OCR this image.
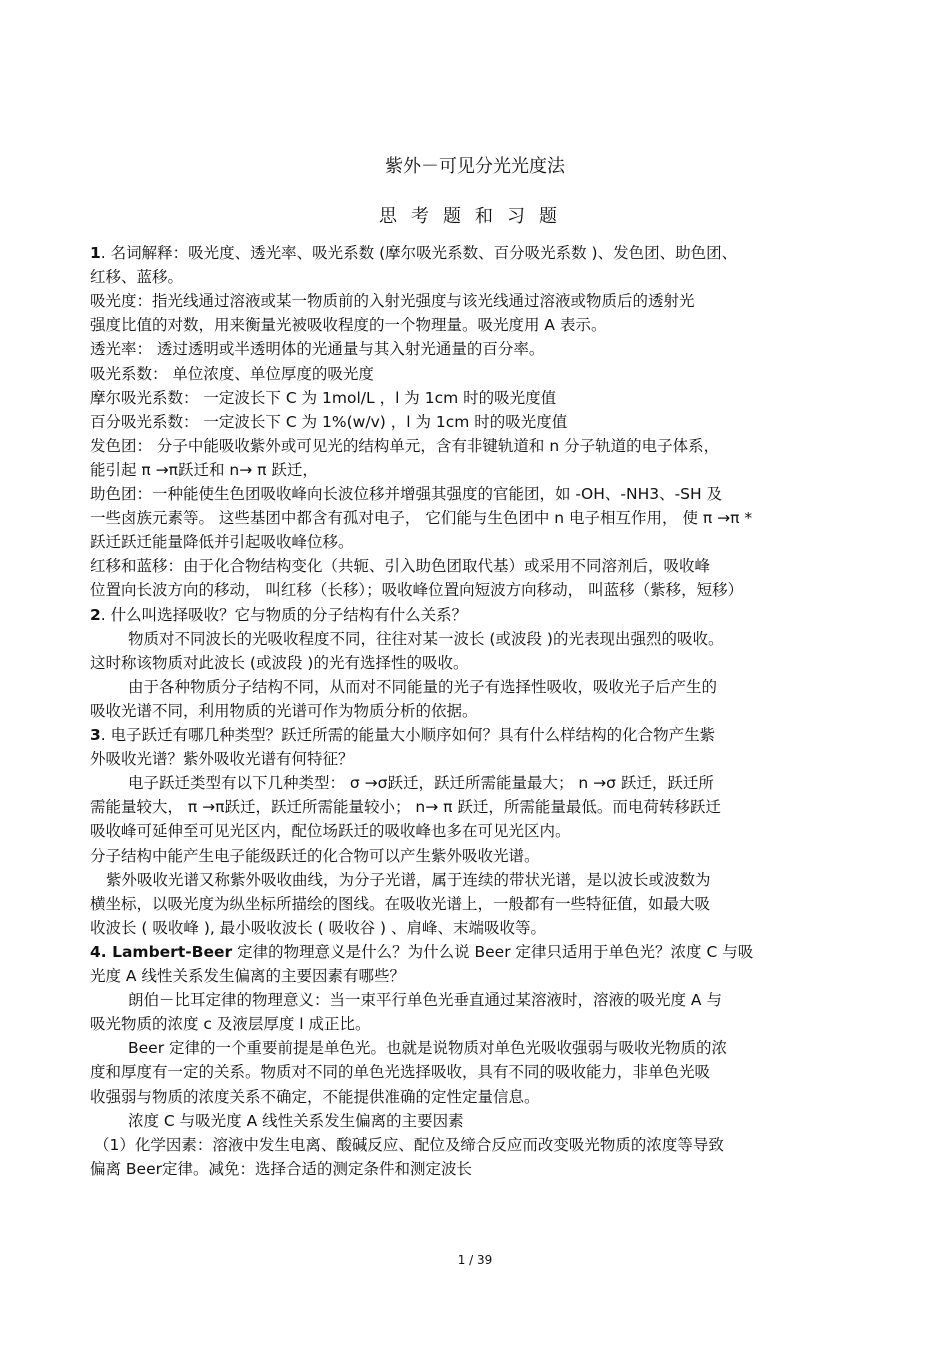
紫外－可见分光光度法
思考题和习题
1. 名词解释：吸光度、透光率、吸光系数 (摩尔吸光系数、百分吸光系数 )、发色团、助色团、
红移、蓝移。
吸光度：指光线通过溶液或某一物质前的入射光强度与该光线通过溶液或物质后的透射光
强度比值的对数，用来衡量光被吸收程度的一个物理量。吸光度用 A 表示。
透光率： 透过透明或半透明体的光通量与其入射光通量的百分率。
吸光系数： 单位浓度、单位厚度的吸光度
摩尔吸光系数： 一定波长下 C 为 1mol/L ，l 为 1cm 时的吸光度值
百分吸光系数： 一定波长下 C 为 1%(w/v) ，l 为 1cm 时的吸光度值
发色团： 分子中能吸收紫外或可见光的结构单元，含有非键轨道和 n 分子轨道的电子体系，
能引起 π →π跃迁和 n→ π 跃迁，
助色团：一种能使生色团吸收峰向长波位移并增强其强度的官能团，如 -OH、-NH3、-SH 及
一些卤族元素等。 这些基团中都含有孤对电子， 它们能与生色团中 n 电子相互作用， 使 π →π *
跃迁跃迁能量降低并引起吸收峰位移。
红移和蓝移：由于化合物结构变化（共轭、引入助色团取代基）或采用不同溶剂后，吸收峰
位置向长波方向的移动， 叫红移（长移）；吸收峰位置向短波方向移动， 叫蓝移（紫移，短移）
2. 什么叫选择吸收？它与物质的分子结构有什么关系？
物质对不同波长的光吸收程度不同，往往对某一波长 (或波段 )的光表现出强烈的吸收。
这时称该物质对此波长 (或波段 )的光有选择性的吸收。
由于各种物质分子结构不同，从而对不同能量的光子有选择性吸收，吸收光子后产生的
吸收光谱不同，利用物质的光谱可作为物质分析的依据。
3. 电子跃迁有哪几种类型？跃迁所需的能量大小顺序如何？具有什么样结构的化合物产生紫
外吸收光谱？紫外吸收光谱有何特征？
电子跃迁类型有以下几种类型： σ →σ跃迁，跃迁所需能量最大； n →σ 跃迁，跃迁所
需能量较大， π →π跃迁，跃迁所需能量较小； n→ π 跃迁，所需能量最低。而电荷转移跃迁
吸收峰可延伸至可见光区内，配位场跃迁的吸收峰也多在可见光区内。
分子结构中能产生电子能级跃迁的化合物可以产生紫外吸收光谱。
紫外吸收光谱又称紫外吸收曲线，为分子光谱，属于连续的带状光谱，是以波长或波数为
横坐标，以吸光度为纵坐标所描绘的图线。在吸收光谱上，一般都有一些特征值，如最大吸
收波长 ( 吸收峰 ), 最小吸收波长 ( 吸收谷 ) 、肩峰、末端吸收等。
4. Lambert-Beer 定律的物理意义是什么？为什么说 Beer 定律只适用于单色光？浓度 C 与吸
光度 A 线性关系发生偏离的主要因素有哪些？
朗伯－比耳定律的物理意义：当一束平行单色光垂直通过某溶液时，溶液的吸光度 A 与
吸光物质的浓度 c 及液层厚度 l 成正比。
Beer 定律的一个重要前提是单色光。也就是说物质对单色光吸收强弱与吸收光物质的浓
度和厚度有一定的关系。物质对不同的单色光选择吸收，具有不同的吸收能力，非单色光吸
收强弱与物质的浓度关系不确定，不能提供准确的定性定量信息。
浓度 C 与吸光度 A 线性关系发生偏离的主要因素
（1）化学因素：溶液中发生电离、酸碱反应、配位及缔合反应而改变吸光物质的浓度等导致
偏离 Beer定律。减免：选择合适的测定条件和测定波长
1 / 39
